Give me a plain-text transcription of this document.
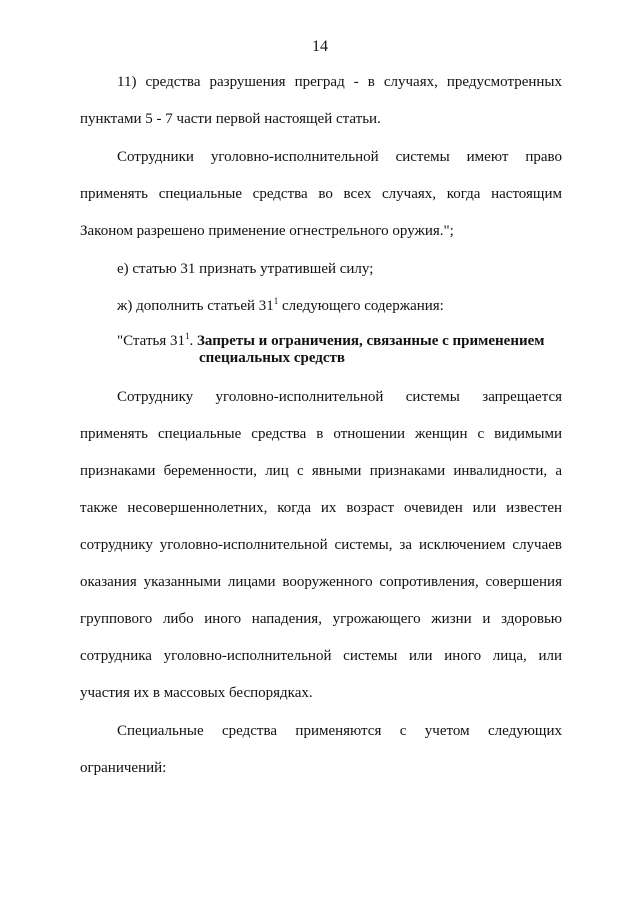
14
11) средства разрушения преград - в случаях, предусмотренных
пунктами 5 - 7 части первой настоящей статьи.
Сотрудники уголовно-исполнительной системы имеют право
применять специальные средства во всех случаях, когда настоящим
Законом разрешено применение огнестрельного оружия.";
е) статью 31 признать утратившей силу;
ж) дополнить статьей $31^1$ следующего содержания:
"Статья $31^1$. Запреты и ограничения, связанные с применением
специальных средств
Сотруднику уголовно-исполнительной системы запрещается
применять специальные средства в отношении женщин с видимыми
признаками беременности, лиц с явными признаками инвалидности, а
также несовершеннолетних, когда их возраст очевиден или известен
сотруднику уголовно-исполнительной системы, за исключением случаев
оказания указанными лицами вооруженного сопротивления, совершения
группового либо иного нападения, угрожающего жизни и здоровью
сотрудника уголовно-исполнительной системы или иного лица, или
участия их в массовых беспорядках.
Специальные средства применяются с учетом следующих
ограничений:
